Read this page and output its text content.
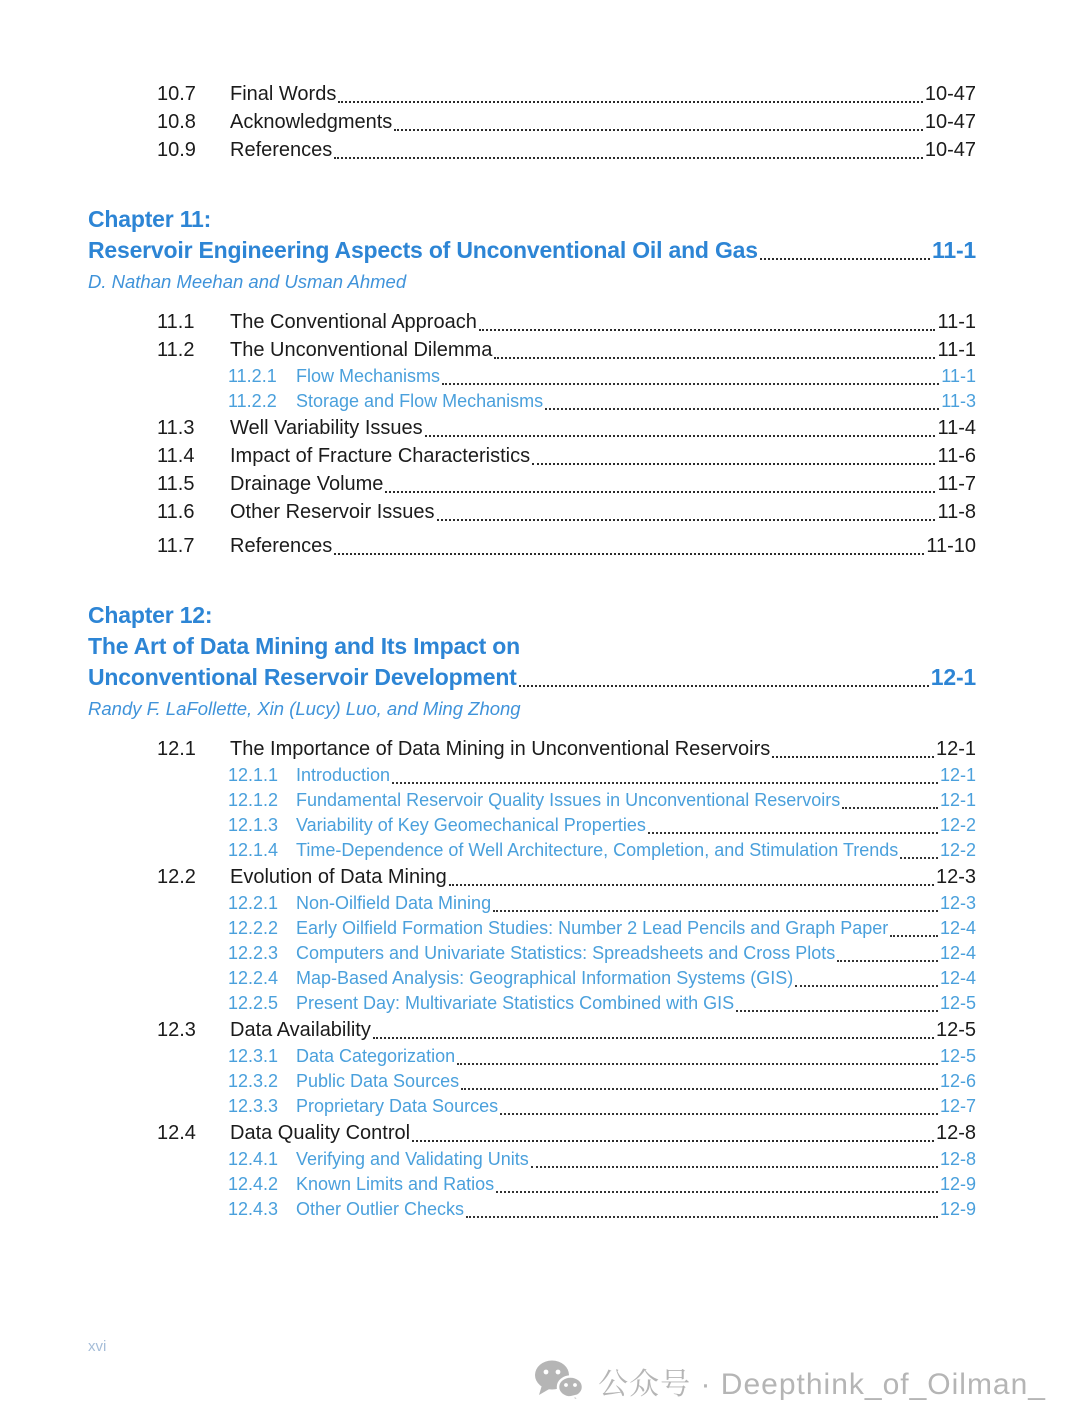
10.7	Final Words	10-47
10.8	Acknowledgments	10-47
10.9	References	10-47
Chapter 11:
Reservoir Engineering Aspects of Unconventional Oil and Gas	11-1
D. Nathan Meehan and Usman Ahmed
11.1	The Conventional Approach	11-1
11.2	The Unconventional Dilemma	11-1
11.2.1	Flow Mechanisms	11-1
11.2.2	Storage and Flow Mechanisms	11-3
11.3	Well Variability Issues	11-4
11.4	Impact of Fracture Characteristics	11-6
11.5	Drainage Volume	11-7
11.6	Other Reservoir Issues	11-8
11.7	References	11-10
Chapter 12:
The Art of Data Mining and Its Impact on
Unconventional Reservoir Development	12-1
Randy F. LaFollette, Xin (Lucy) Luo, and Ming Zhong
12.1	The Importance of Data Mining in Unconventional Reservoirs	12-1
12.1.1 Introduction	12-1
12.1.2 Fundamental Reservoir Quality Issues in Unconventional Reservoirs	12-1
12.1.3 Variability of Key Geomechanical Properties	12-2
12.1.4 Time-Dependence of Well Architecture, Completion, and Stimulation Trends 12-2
12.2	Evolution of Data Mining	12-3
12.2.1 Non-Oilfield Data Mining	12-3
12.2.2 Early Oilfield Formation Studies: Number 2 Lead Pencils and Graph Paper	12-4
12.2.3 Computers and Univariate Statistics: Spreadsheets and Cross Plots	12-4
12.2.4 Map-Based Analysis: Geographical Information Systems (GIS)	12-4
12.2.5 Present Day: Multivariate Statistics Combined with GIS	12-5
12.3	Data Availability	12-5
12.3.1 Data Categorization	12-5
12.3.2 Public Data Sources	12-6
12.3.3 Proprietary Data Sources	12-7
12.4	Data Quality Control	12-8
12.4.1 Verifying and Validating Units	12-8
12.4.2 Known Limits and Ratios	12-9
12.4.3 Other Outlier Checks	12-9
xvi
公众号 · Deepthink_of_Oilman_
